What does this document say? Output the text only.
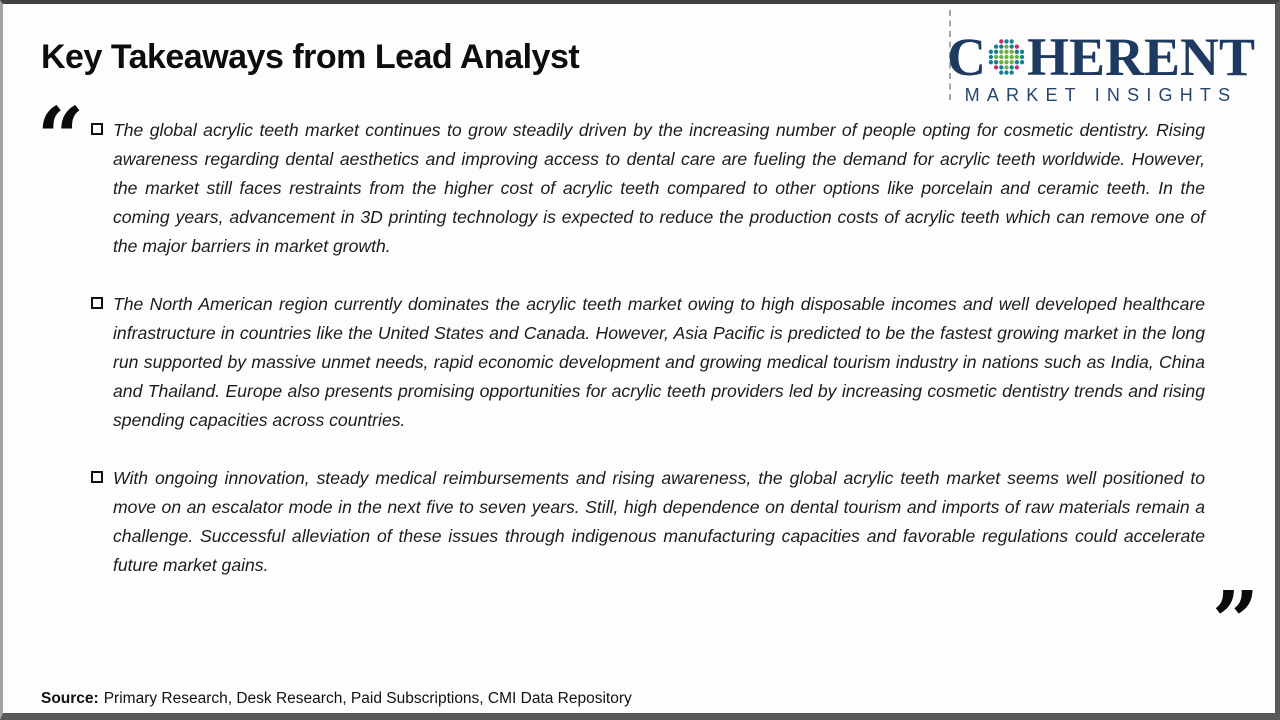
Key Takeaways from Lead Analyst	C HERENT
MARKET INSIGHTS
“	The global acrylic teeth market continues to grow steadily driven by the increasing number of people opting for cosmetic dentistry. Rising awareness regarding dental aesthetics and improving access to dental care are fueling the demand for acrylic teeth worldwide. However, the market still faces restraints from the higher cost of acrylic teeth compared to other options like porcelain and ceramic teeth. In the coming years, advancement in 3D printing technology is expected to reduce the production costs of acrylic teeth which can remove one of the major barriers in market growth.
The North American region currently dominates the acrylic teeth market owing to high disposable incomes and well developed healthcare infrastructure in countries like the United States and Canada. However, Asia Pacific is predicted to be the fastest growing market in the long run supported by massive unmet needs, rapid economic development and growing medical tourism industry in nations such as India, China and Thailand. Europe also presents promising opportunities for acrylic teeth providers led by increasing cosmetic dentistry trends and rising spending capacities across countries.
With ongoing innovation, steady medical reimbursements and rising awareness, the global acrylic teeth market seems well positioned to move on an escalator mode in the next five to seven years. Still, high dependence on dental tourism and imports of raw materials remain a challenge. Successful alleviation of these issues through indigenous manufacturing capacities and favorable regulations could accelerate future market gains.
”
Source: Primary Research, Desk Research, Paid Subscriptions, CMI Data Repository
